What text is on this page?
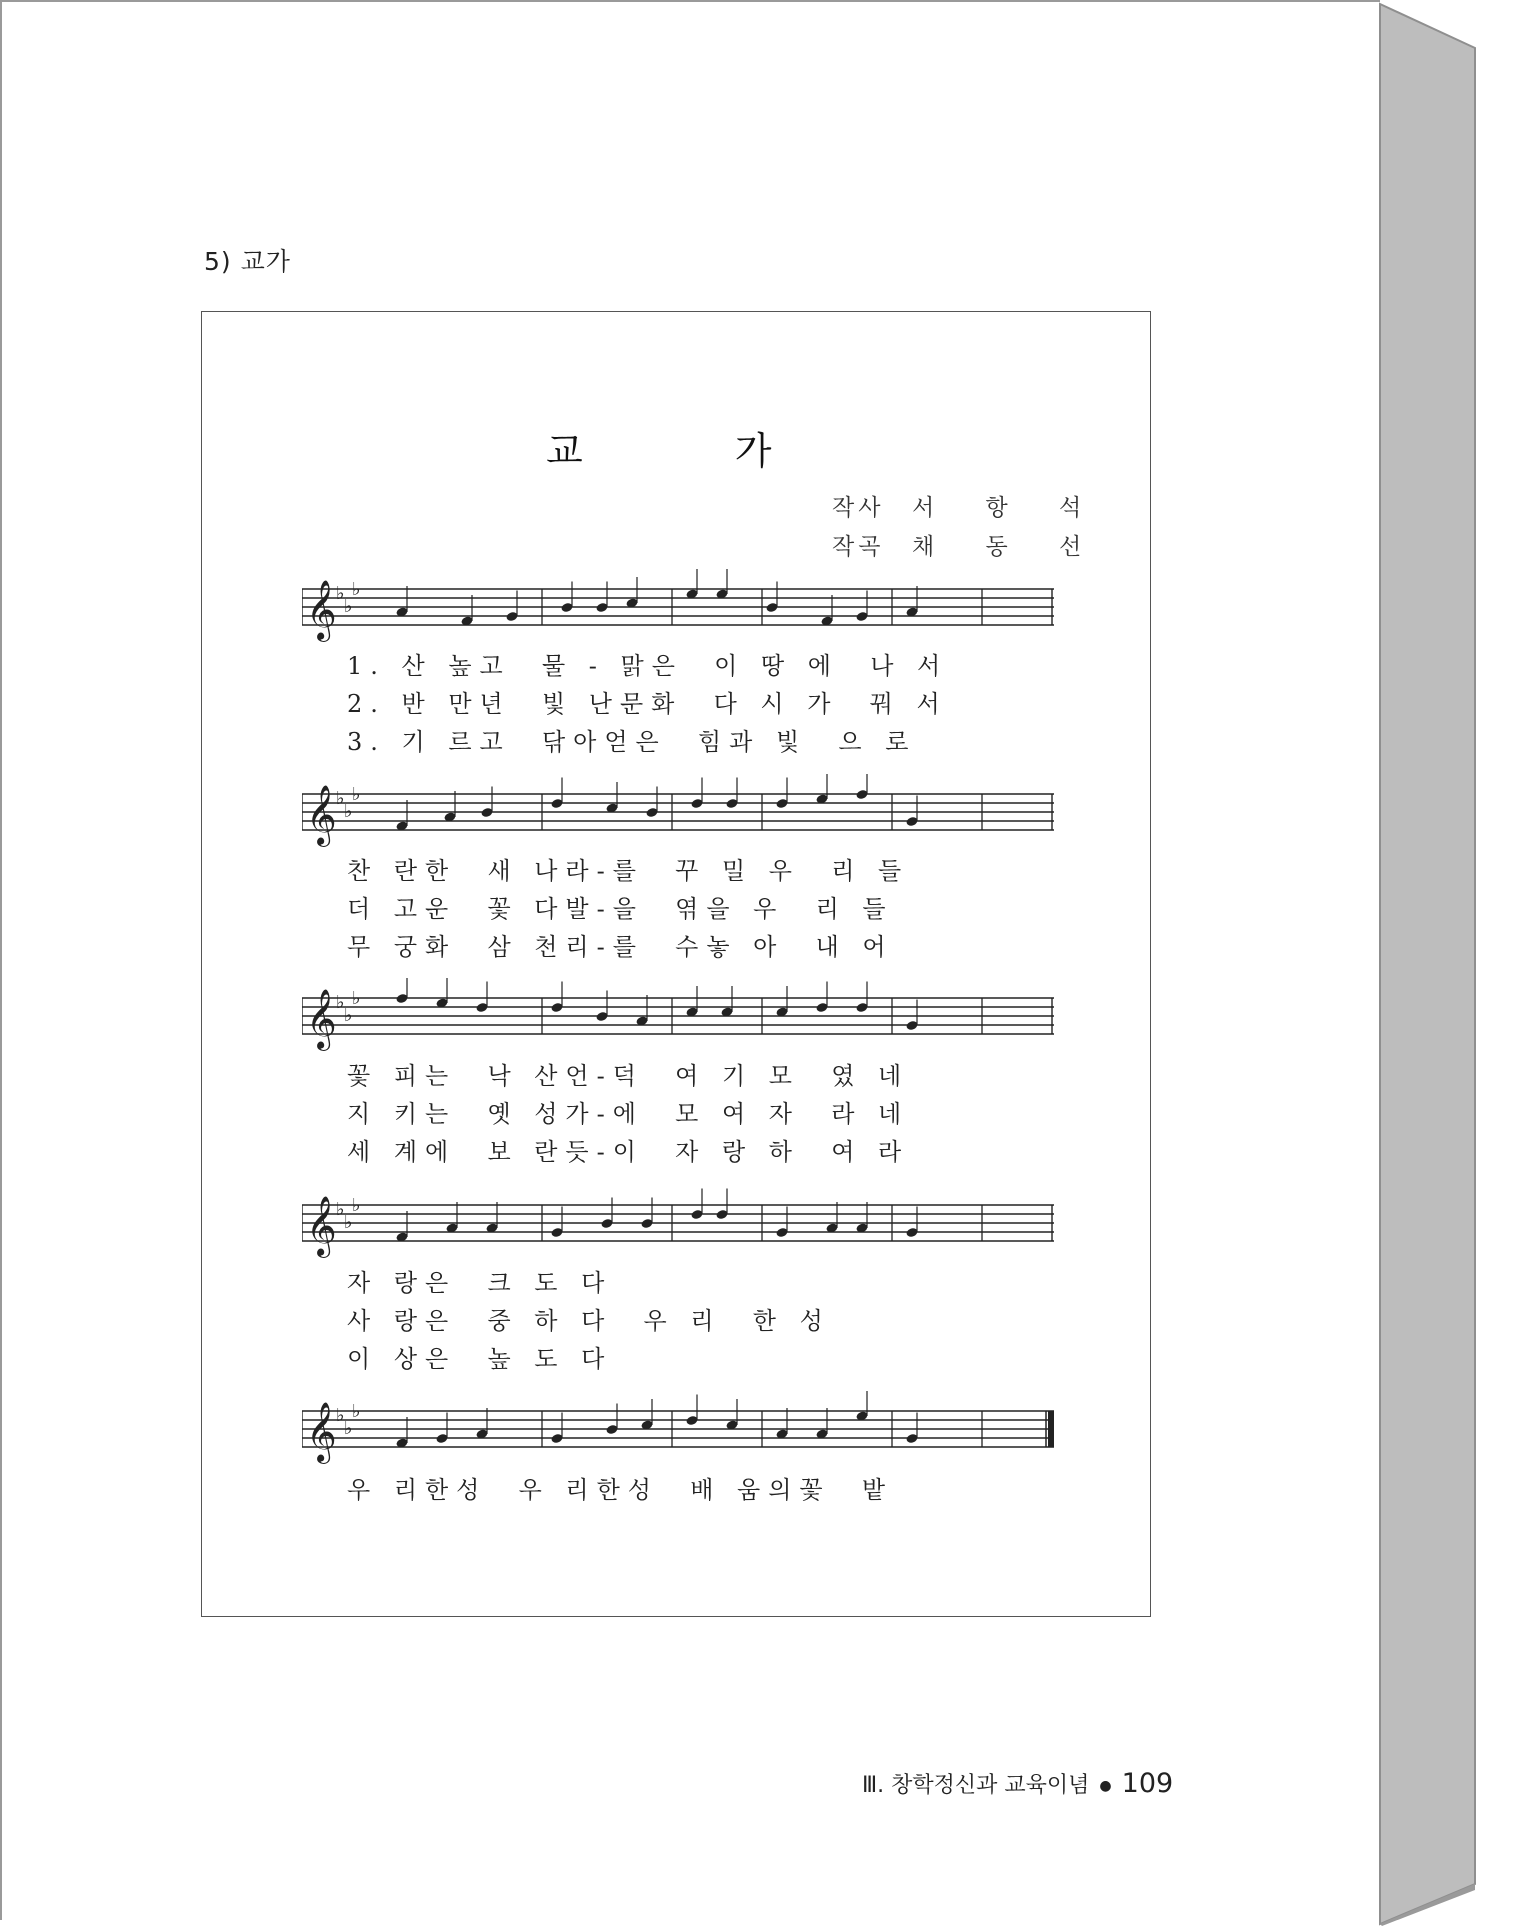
5) 교가
교 가
작사 서 항 석
작곡 채 동 선
𝄞 ♭
♭
♭
1. 산 높고  물 - 맑은  이 땅 에  나 서
2. 반 만년  빛 난문화  다 시 가  꿔 서
3. 기 르고  닦아얻은  힘과 빛  으 로
𝄞 ♭
♭
♭
찬 란한  새 나라-를  꾸 밀 우  리 들
더 고운  꽃 다발-을  엮을 우  리 들
무 궁화  삼 천리-를  수놓 아  내 어
𝄞 ♭
♭
♭
꽃 피는  낙 산언-덕  여 기 모  였 네
지 키는  옛 성가-에  모 여 자  라 네
세 계에  보 란듯-이  자 랑 하  여 라
𝄞 ♭
♭
♭
자 랑은  크 도 다
사 랑은  중 하 다  우 리  한 성
이 상은  높 도 다
𝄞 ♭
♭
♭
우 리한성  우 리한성  배 움의꽃  밭
Ⅲ. 창학정신과 교육이념 ● 109
